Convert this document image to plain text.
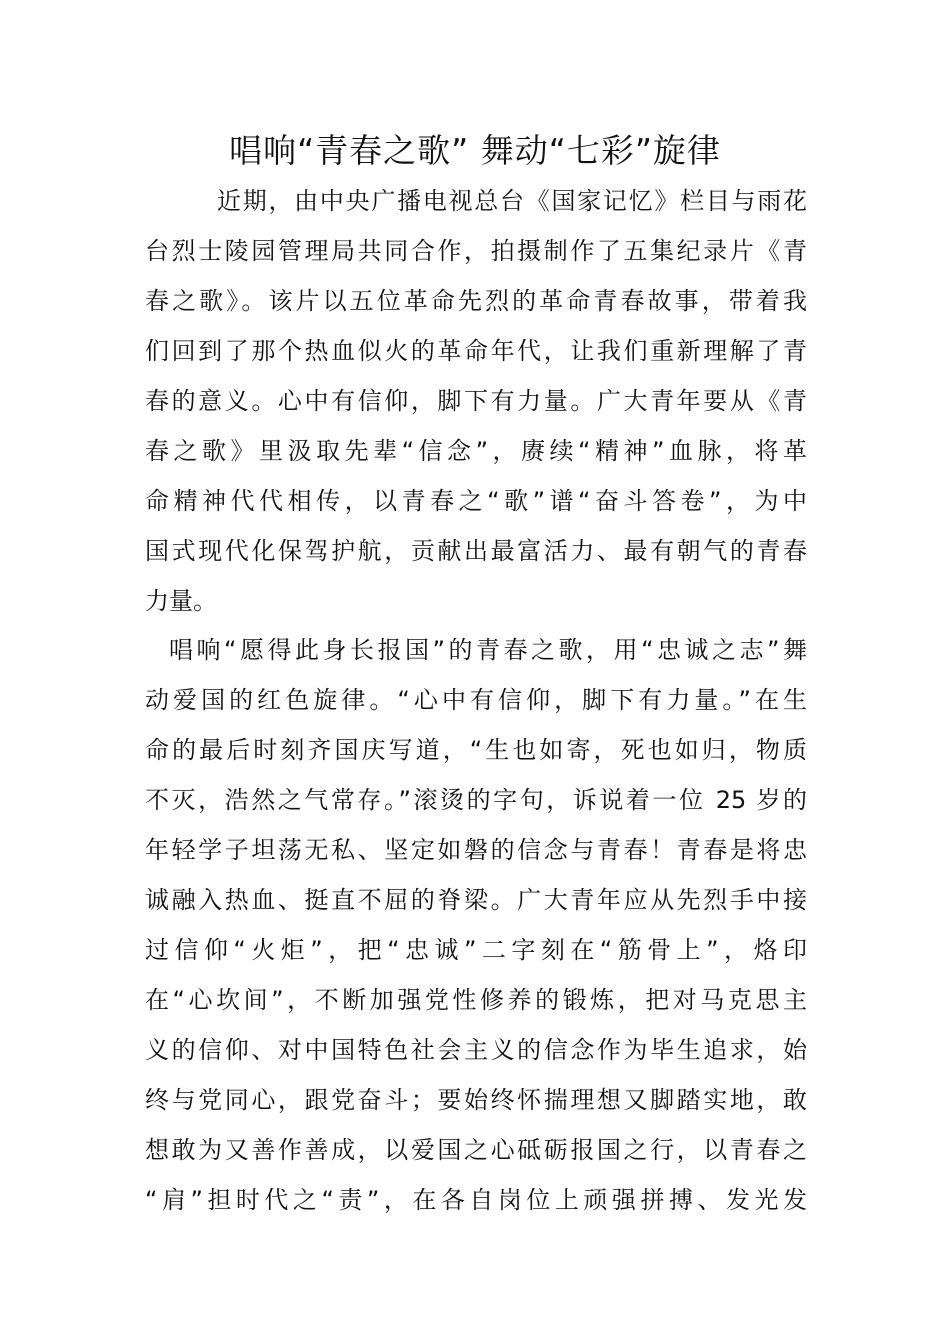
唱响“青春之歌” 舞动“七彩”旋律
近期，由中央广播电视总台《国家记忆》栏目与雨花
台烈士陵园管理局共同合作，拍摄制作了五集纪录片《青
春之歌》。该片以五位革命先烈的革命青春故事，带着我
们回到了那个热血似火的革命年代，让我们重新理解了青
春的意义。心中有信仰，脚下有力量。广大青年要从《青
春之歌》里汲取先辈“信念”，赓续“精神”血脉，将革
命精神代代相传，以青春之“歌”谱“奋斗答卷”，为中
国式现代化保驾护航，贡献出最富活力、最有朝气的青春
力量。
唱响“愿得此身长报国”的青春之歌，用“忠诚之志”舞
动爱国的红色旋律。“心中有信仰，脚下有力量。”在生
命的最后时刻齐国庆写道，“生也如寄，死也如归，物质
不灭，浩然之气常存。”滚烫的字句，诉说着一位 25 岁的
年轻学子坦荡无私、坚定如磐的信念与青春！青春是将忠
诚融入热血、挺直不屈的脊梁。广大青年应从先烈手中接
过信仰“火炬”，把“忠诚”二字刻在“筋骨上”，烙印
在“心坎间”，不断加强党性修养的锻炼，把对马克思主
义的信仰、对中国特色社会主义的信念作为毕生追求，始
终与党同心，跟党奋斗；要始终怀揣理想又脚踏实地，敢
想敢为又善作善成，以爱国之心砥砺报国之行，以青春之
“肩”担时代之“责”，在各自岗位上顽强拼搏、发光发
